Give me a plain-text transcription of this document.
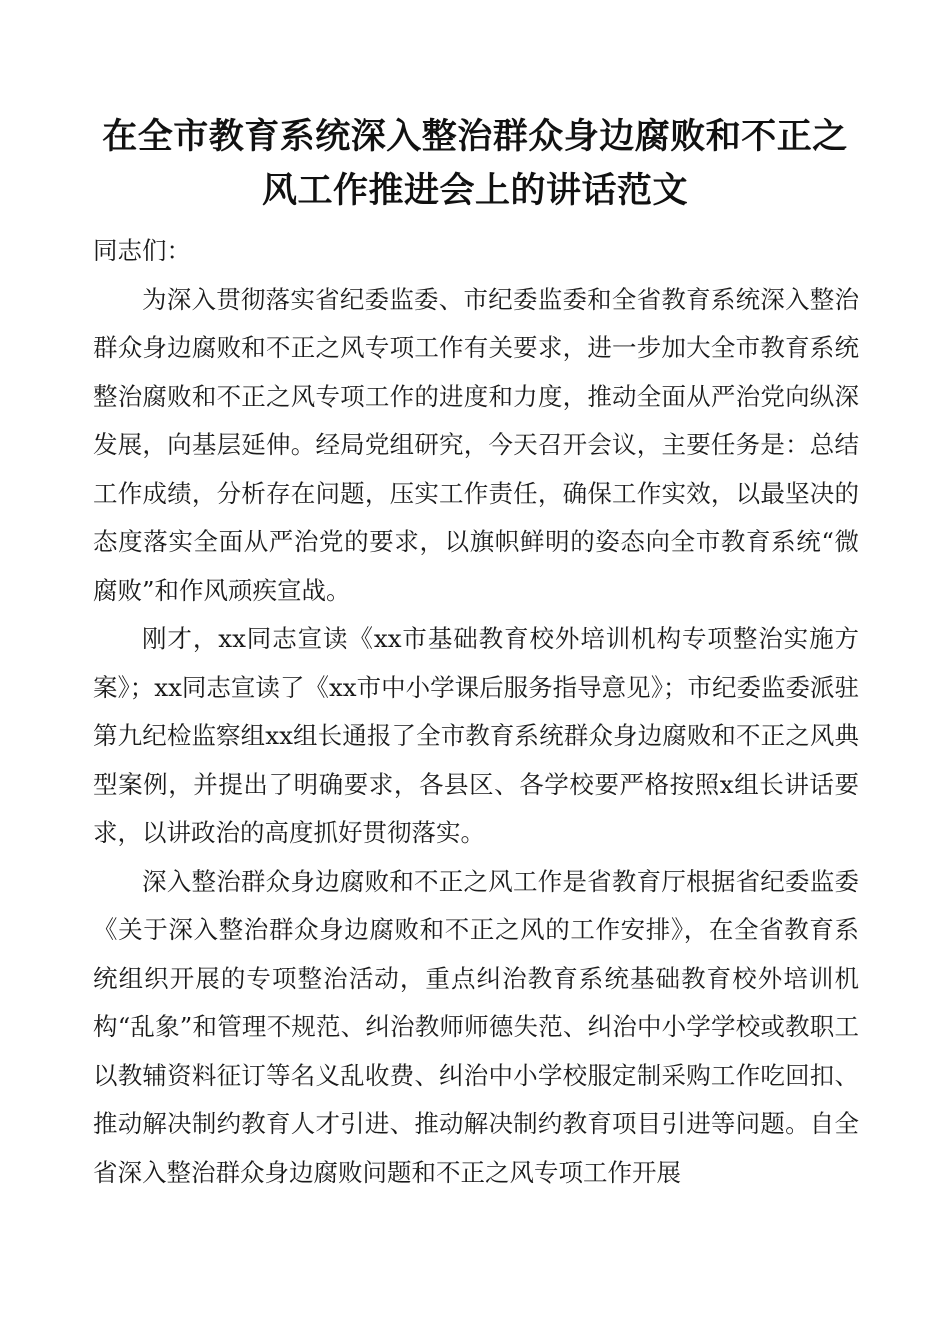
在全市教育系统深入整治群众身边腐败和不正之
风工作推进会上的讲话范文

同志们：

为深入贯彻落实省纪委监委、市纪委监委和全省教育系统深入整治群众身边腐败和不正之风专项工作有关要求，进一步加大全市教育系统整治腐败和不正之风专项工作的进度和力度，推动全面从严治党向纵深发展，向基层延伸。经局党组研究，今天召开会议，主要任务是：总结工作成绩，分析存在问题，压实工作责任，确保工作实效，以最坚决的态度落实全面从严治党的要求，以旗帜鲜明的姿态向全市教育系统“微腐败”和作风顽疾宣战。

刚才，xx同志宣读《xx市基础教育校外培训机构专项整治实施方案》；xx同志宣读了《xx市中小学课后服务指导意见》；市纪委监委派驻第九纪检监察组xx组长通报了全市教育系统群众身边腐败和不正之风典型案例，并提出了明确要求，各县区、各学校要严格按照x组长讲话要求，以讲政治的高度抓好贯彻落实。

深入整治群众身边腐败和不正之风工作是省教育厅根据省纪委监委《关于深入整治群众身边腐败和不正之风的工作安排》，在全省教育系统组织开展的专项整治活动，重点纠治教育系统基础教育校外培训机构“乱象”和管理不规范、纠治教师师德失范、纠治中小学学校或教职工以教辅资料征订等名义乱收费、纠治中小学校服定制采购工作吃回扣、推动解决制约教育人才引进、推动解决制约教育项目引进等问题。自全省深入整治群众身边腐败问题和不正之风专项工作开展
